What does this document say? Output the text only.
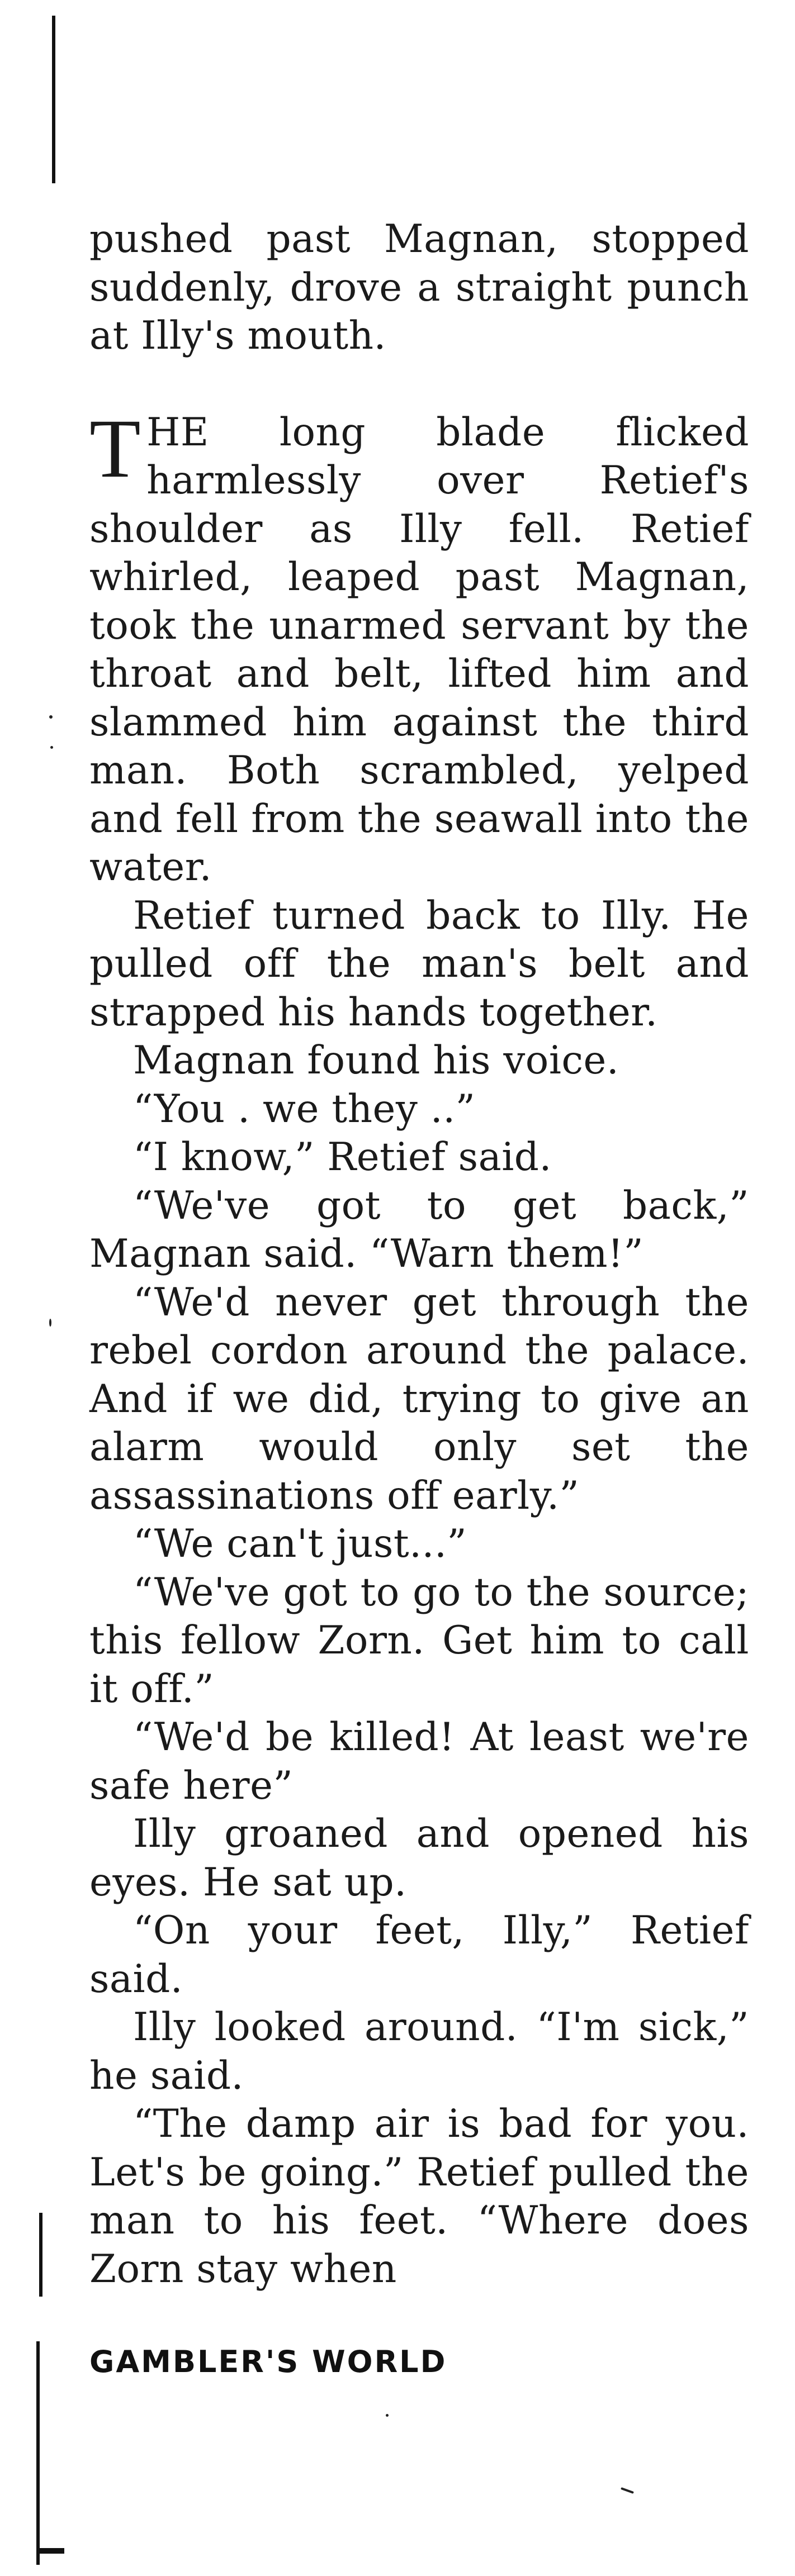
pushed past Magnan, stopped suddenly, drove a straight punch at Illy's mouth.

THE long blade flicked harmlessly over Retief's shoulder as Illy fell. Retief whirled, leaped past Magnan, took the unarmed servant by the throat and belt, lifted him and slammed him against the third man. Both scrambled, yelped and fell from the seawall into the water.

Retief turned back to Illy. He pulled off the man's belt and strapped his hands together.

Magnan found his voice.

“You . we they ..”

“I know,” Retief said.

“We've got to get back,” Magnan said. “Warn them!”

“We'd never get through the rebel cordon around the palace. And if we did, trying to give an alarm would only set the assassinations off early.”

“We can't just...”

“We've got to go to the source; this fellow Zorn. Get him to call it off.”

“We'd be killed! At least we're safe here”

Illy groaned and opened his eyes. He sat up.

“On your feet, Illy,” Retief said.

Illy looked around. “I'm sick,” he said.

“The damp air is bad for you. Let's be going.” Retief pulled the man to his feet. “Where does Zorn stay when

GAMBLER'S WORLD
